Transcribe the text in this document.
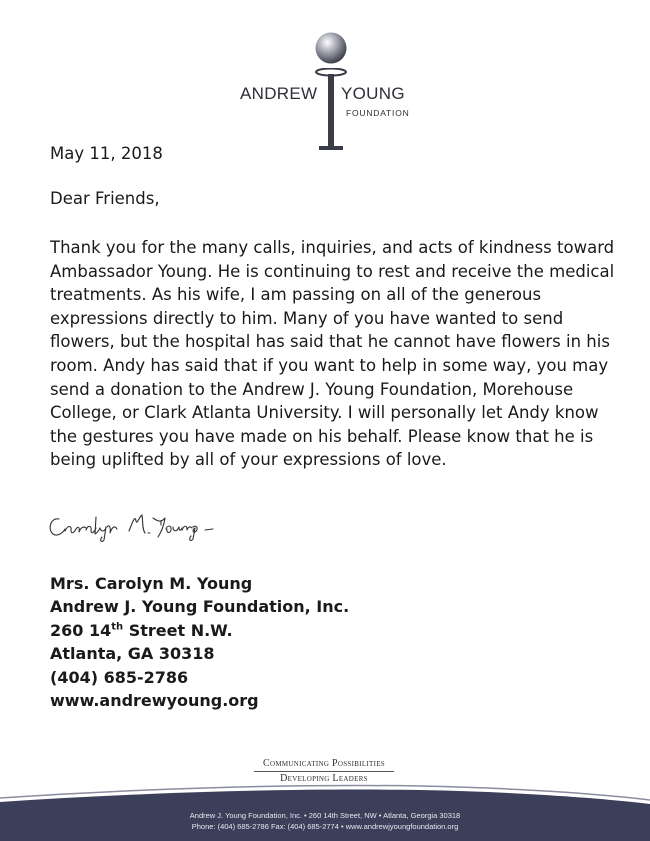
ANDREW YOUNG
FOUNDATION
May 11, 2018
Dear Friends,
Thank you for the many calls, inquiries, and acts of kindness toward
Ambassador Young. He is continuing to rest and receive the medical
treatments. As his wife, I am passing on all of the generous
expressions directly to him. Many of you have wanted to send
flowers, but the hospital has said that he cannot have flowers in his
room. Andy has said that if you want to help in some way, you may
send a donation to the Andrew J. Young Foundation, Morehouse
College, or Clark Atlanta University. I will personally let Andy know
the gestures you have made on his behalf. Please know that he is
being uplifted by all of your expressions of love.
Mrs. Carolyn M. Young
Andrew J. Young Foundation, Inc.
260 14th Street N.W.
Atlanta, GA 30318
(404) 685-2786
www.andrewyoung.org
Communicating Possibilities
Developing Leaders
Andrew J. Young Foundation, Inc. • 260 14th Street, NW • Atlanta, Georgia 30318
Phone: (404) 685-2786 Fax: (404) 685-2774 • www.andrewjyoungfoundation.org
